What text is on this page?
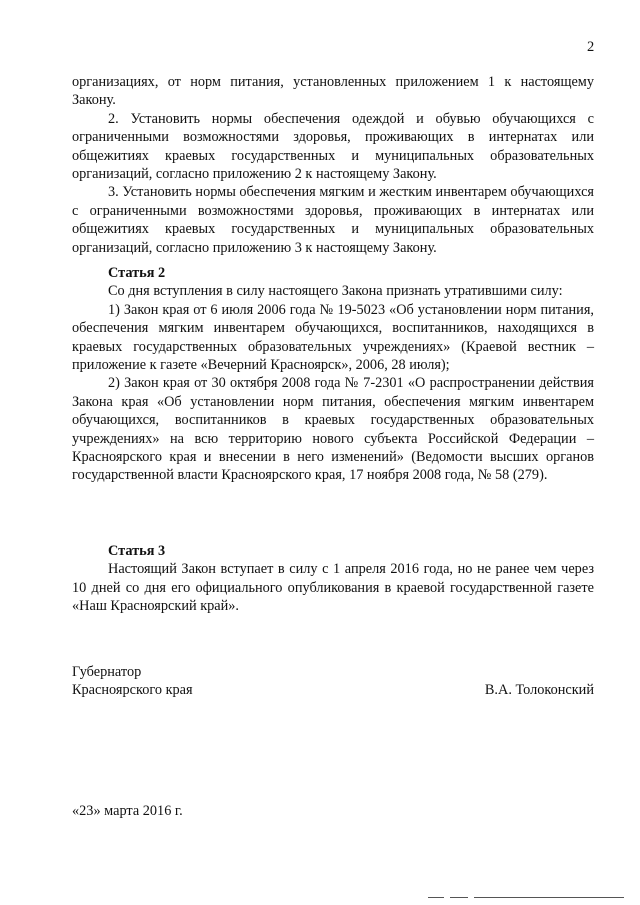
2

организациях, от норм питания, установленных приложением 1 к настоящему Закону.

2. Установить нормы обеспечения одеждой и обувью обучающихся с ограниченными возможностями здоровья, проживающих в интернатах или общежитиях краевых государственных и муниципальных образовательных организаций, согласно приложению 2 к настоящему Закону.

3. Установить нормы обеспечения мягким и жестким инвентарем обучающихся с ограниченными возможностями здоровья, проживающих в интернатах или общежитиях краевых государственных и муниципальных образовательных организаций, согласно приложению 3 к настоящему Закону.

Статья 2

Со дня вступления в силу настоящего Закона признать утратившими силу:

1) Закон края от 6 июля 2006 года № 19-5023 «Об установлении норм питания, обеспечения мягким инвентарем обучающихся, воспитанников, находящихся в краевых государственных образовательных учреждениях» (Краевой вестник – приложение к газете «Вечерний Красноярск», 2006, 28 июля);

2) Закон края от 30 октября 2008 года № 7-2301 «О распространении действия Закона края «Об установлении норм питания, обеспечения мягким инвентарем обучающихся, воспитанников в краевых государственных образовательных учреждениях» на всю территорию нового субъекта Российской Федерации – Красноярского края и внесении в него изменений» (Ведомости высших органов государственной власти Красноярского края, 17 ноября 2008 года, № 58 (279).

Статья 3

Настоящий Закон вступает в силу с 1 апреля 2016 года, но не ранее чем через 10 дней со дня его официального опубликования в краевой государственной газете «Наш Красноярский край».

Губернатор
Красноярского края	В.А. Толоконский
«23» марта 2016 г.
